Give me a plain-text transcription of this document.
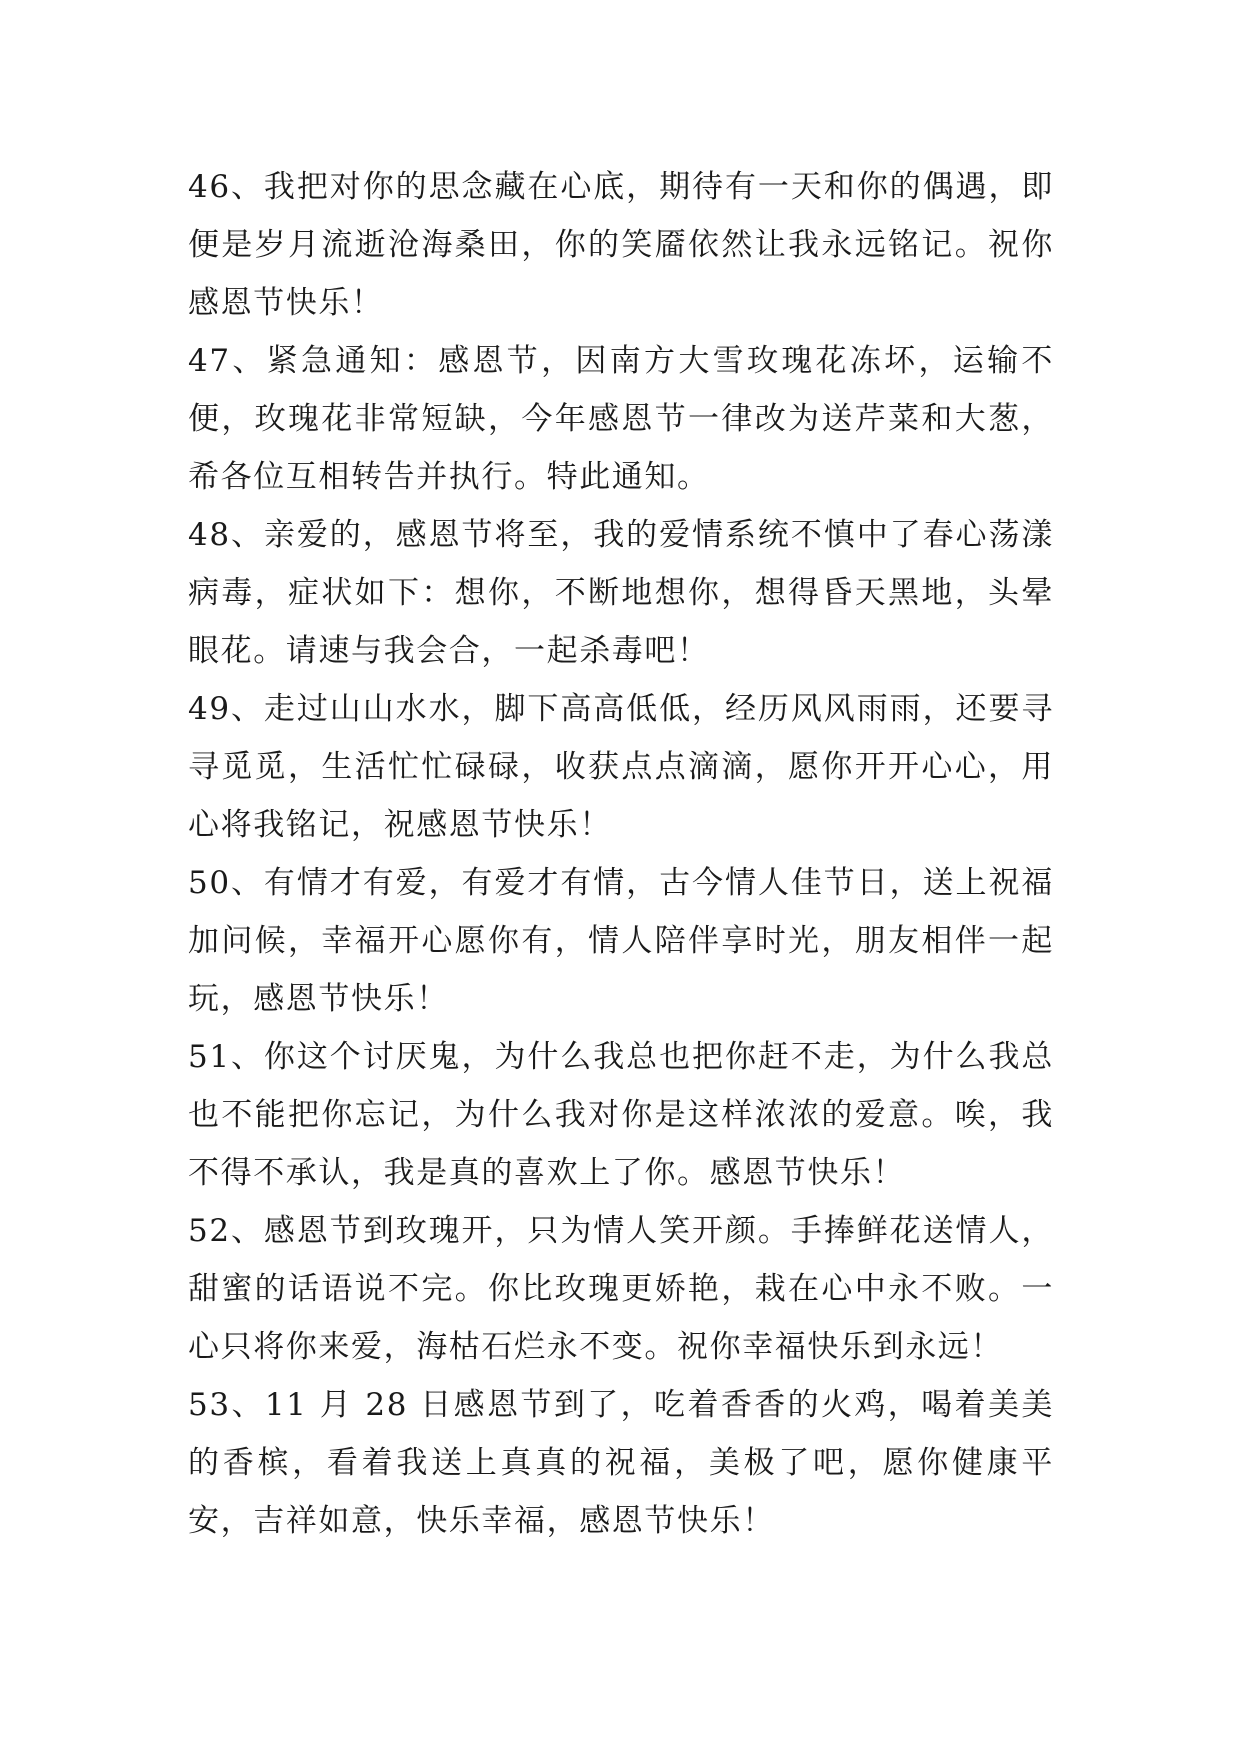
46、我把对你的思念藏在心底，期待有一天和你的偶遇，即便是岁月流逝沧海桑田，你的笑靥依然让我永远铭记。祝你感恩节快乐！

47、紧急通知：感恩节，因南方大雪玫瑰花冻坏，运输不便，玫瑰花非常短缺，今年感恩节一律改为送芹菜和大葱，希各位互相转告并执行。特此通知。

48、亲爱的，感恩节将至，我的爱情系统不慎中了春心荡漾病毒，症状如下：想你，不断地想你，想得昏天黑地，头晕眼花。请速与我会合，一起杀毒吧！

49、走过山山水水，脚下高高低低，经历风风雨雨，还要寻寻觅觅，生活忙忙碌碌，收获点点滴滴，愿你开开心心，用心将我铭记，祝感恩节快乐！

50、有情才有爱，有爱才有情，古今情人佳节日，送上祝福加问候，幸福开心愿你有，情人陪伴享时光，朋友相伴一起玩，感恩节快乐！

51、你这个讨厌鬼，为什么我总也把你赶不走，为什么我总也不能把你忘记，为什么我对你是这样浓浓的爱意。唉，我不得不承认，我是真的喜欢上了你。感恩节快乐！

52、感恩节到玫瑰开，只为情人笑开颜。手捧鲜花送情人，甜蜜的话语说不完。你比玫瑰更娇艳，栽在心中永不败。一心只将你来爱，海枯石烂永不变。祝你幸福快乐到永远！

53、11 月 28 日感恩节到了，吃着香香的火鸡，喝着美美的香槟，看着我送上真真的祝福，美极了吧，愿你健康平安，吉祥如意，快乐幸福，感恩节快乐！
